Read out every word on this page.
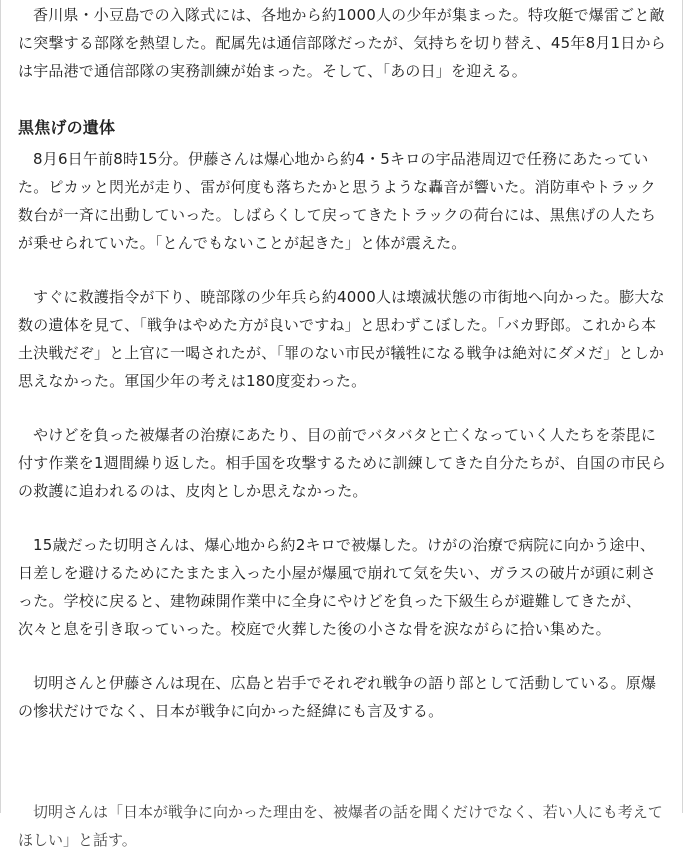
香川県・小豆島での入隊式には、各地から約1000人の少年が集まった。特攻艇で爆雷ごと敵に突撃する部隊を熱望した。配属先は通信部隊だったが、気持ちを切り替え、45年8月1日からは宇品港で通信部隊の実務訓練が始まった。そして、「あの日」を迎える。

黒焦げの遺体

8月6日午前8時15分。伊藤さんは爆心地から約4・5キロの宇品港周辺で任務にあたっていた。ピカッと閃光が走り、雷が何度も落ちたかと思うような轟音が響いた。消防車やトラック数台が一斉に出動していった。しばらくして戻ってきたトラックの荷台には、黒焦げの人たちが乗せられていた。「とんでもないことが起きた」と体が震えた。

すぐに救護指令が下り、暁部隊の少年兵ら約4000人は壊滅状態の市街地へ向かった。膨大な数の遺体を見て、「戦争はやめた方が良いですね」と思わずこぼした。「バカ野郎。これから本土決戦だぞ」と上官に一喝されたが、「罪のない市民が犠牲になる戦争は絶対にダメだ」としか思えなかった。軍国少年の考えは180度変わった。

やけどを負った被爆者の治療にあたり、目の前でバタバタと亡くなっていく人たちを荼毘に付す作業を1週間繰り返した。相手国を攻撃するために訓練してきた自分たちが、自国の市民らの救護に追われるのは、皮肉としか思えなかった。

15歳だった切明さんは、爆心地から約2キロで被爆した。けがの治療で病院に向かう途中、日差しを避けるためにたまたま入った小屋が爆風で崩れて気を失い、ガラスの破片が頭に刺さった。学校に戻ると、建物疎開作業中に全身にやけどを負った下級生らが避難してきたが、次々と息を引き取っていった。校庭で火葬した後の小さな骨を涙ながらに拾い集めた。

切明さんと伊藤さんは現在、広島と岩手でそれぞれ戦争の語り部として活動している。原爆の惨状だけでなく、日本が戦争に向かった経緯にも言及する。

切明さんは「日本が戦争に向かった理由を、被爆者の話を聞くだけでなく、若い人にも考えてほしい」と話す。
